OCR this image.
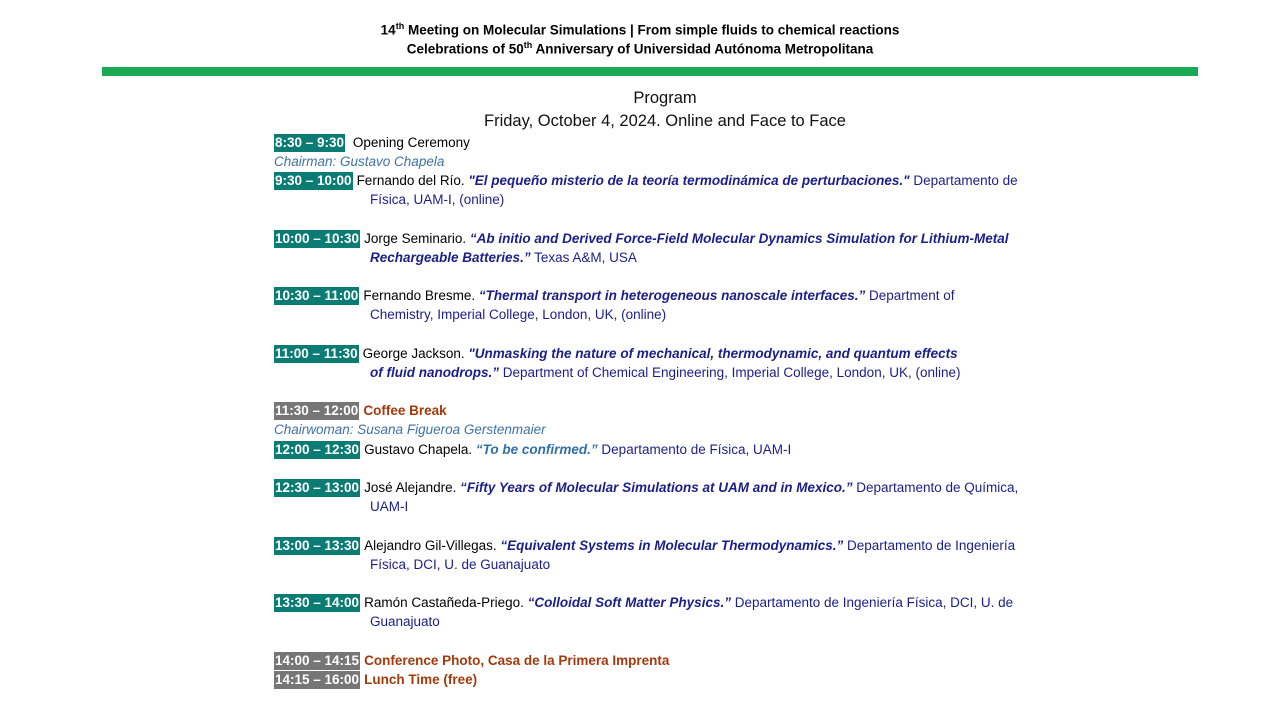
14th Meeting on Molecular Simulations | From simple fluids to chemical reactions
Celebrations of 50th Anniversary of Universidad Autónoma Metropolitana
Program
Friday, October 4, 2024. Online and Face to Face
8:30 – 9:30 Opening Ceremony
Chairman: Gustavo Chapela
9:30 – 10:00 Fernando del Río. "El pequeño misterio de la teoría termodinámica de perturbaciones." Departamento de
Física, UAM-I, (online)
10:00 – 10:30 Jorge Seminario. “Ab initio and Derived Force-Field Molecular Dynamics Simulation for Lithium-Metal
Rechargeable Batteries.” Texas A&M, USA
10:30 – 11:00 Fernando Bresme. “Thermal transport in heterogeneous nanoscale interfaces.” Department of
Chemistry, Imperial College, London, UK, (online)
11:00 – 11:30 George Jackson. "Unmasking the nature of mechanical, thermodynamic, and quantum effects
of fluid nanodrops.” Department of Chemical Engineering, Imperial College, London, UK, (online)
11:30 – 12:00 Coffee Break
Chairwoman: Susana Figueroa Gerstenmaier
12:00 – 12:30 Gustavo Chapela. “To be confirmed.” Departamento de Física, UAM-I
12:30 – 13:00 José Alejandre. “Fifty Years of Molecular Simulations at UAM and in Mexico.” Departamento de Química,
UAM-I
13:00 – 13:30 Alejandro Gil-Villegas. “Equivalent Systems in Molecular Thermodynamics.” Departamento de Ingeniería
Física, DCI, U. de Guanajuato
13:30 – 14:00 Ramón Castañeda-Priego. “Colloidal Soft Matter Physics.” Departamento de Ingeniería Física, DCI, U. de
Guanajuato
14:00 – 14:15 Conference Photo, Casa de la Primera Imprenta
14:15 – 16:00 Lunch Time (free)
